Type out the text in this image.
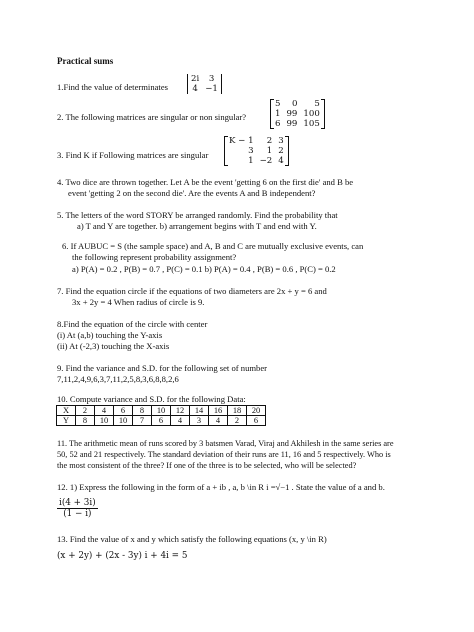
Practical sums
1.Find the value of determinates
2i	3
4	−1
2. The following matrices are singular or non singular?
5	0	5
1	99	100
6	99	105
3. Find K if Following matrices are singular
K − 1	2	3
3	1	2
1	−2	4
4. Two dice are thrown together. Let A be the event 'getting 6 on the first die' and B be
event 'getting 2 on the second die'. Are the events A and B independent?
5. The letters of the word STORY be arranged randomly. Find the probability that
a) T and Y are together. b) arrangement begins with T and end with Y.
6. If AUBUC = S (the sample space) and A, B and C are mutually exclusive events, can
the following represent probability assignment?
a) P(A) = 0.2 , P(B) = 0.7 , P(C) = 0.1 b) P(A) = 0.4 , P(B) = 0.6 , P(C) = 0.2
7. Find the equation circle if the equations of two diameters are 2x + y = 6 and
3x + 2y = 4 When radius of circle is 9.
8.Find the equation of the circle with center
(i) At (a,b) touching the Y-axis
(ii) At (-2,3) touching the X-axis
9. Find the variance and S.D. for the following set of number
7,11,2,4,9,6,3,7,11,2,5,8,3,6,8,8,2,6
10. Compute variance and S.D. for the following Data:
X	2	4	6	8	10	12	14	16	18	20
Y	8	10	10	7	6	4	3	4	2	6
11. The arithmetic mean of runs scored by 3 batsmen Varad, Viraj and Akhilesh in the same series are
50, 52 and 21 respectively. The standard deviation of their runs are 11, 16 and 5 respectively. Who is
the most consistent of the three? If one of the three is to be selected, who will be selected?
12. 1) Express the following in the form of a + ib , a, b \in R i =√−1 . State the value of a and b.
$\frac{i(4 + 3i)}{(1 - i)}$
13. Find the value of x and y which satisfy the following equations (x, y \in R)
(x + 2y) + (2x - 3y) i + 4i = 5
